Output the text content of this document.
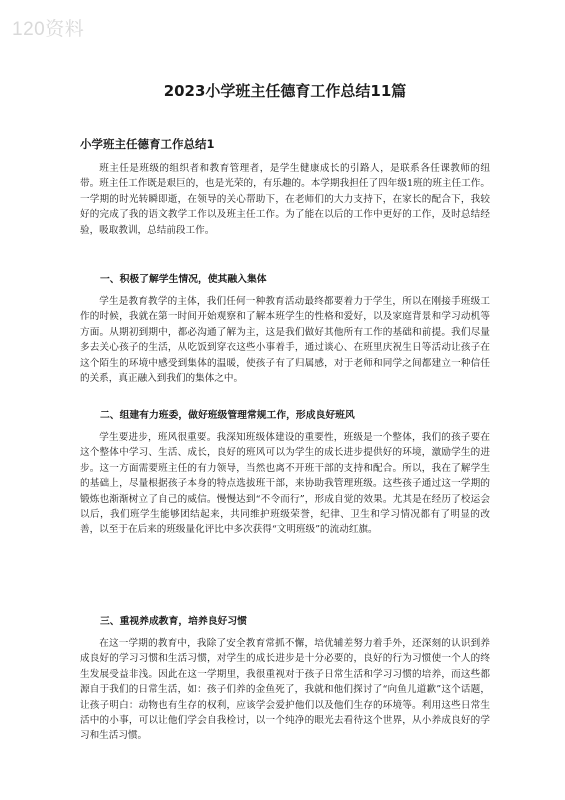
120资料
2023小学班主任德育工作总结11篇
小学班主任德育工作总结1

班主任是班级的组织者和教育管理者，是学生健康成长的引路人，是联系各任课教师的纽带。班主任工作既是艰巨的，也是光荣的，有乐趣的。本学期我担任了四年级1班的班主任工作。一学期的时光转瞬即逝，在领导的关心帮助下，在老师们的大力支持下，在家长的配合下，我较好的完成了我的语文教学工作以及班主任工作。为了能在以后的工作中更好的工作，及时总结经验，吸取教训，总结前段工作。

一、积极了解学生情况，使其融入集体

学生是教育教学的主体，我们任何一种教育活动最终都要着力于学生，所以在刚接手班级工作的时候，我就在第一时间开始观察和了解本班学生的性格和爱好，以及家庭背景和学习动机等方面。从期初到期中，都必沟通了解为主，这是我们做好其他所有工作的基础和前提。我们尽量多去关心孩子的生活，从吃饭到穿衣这些小事着手，通过谈心、在班里庆祝生日等活动让孩子在这个陌生的环境中感受到集体的温暖，使孩子有了归属感，对于老师和同学之间都建立一种信任的关系，真正融入到我们的集体之中。

二、组建有力班委，做好班级管理常规工作，形成良好班风

学生要进步，班风很重要。我深知班级体建设的重要性，班级是一个整体，我们的孩子要在这个整体中学习、生活、成长，良好的班风可以为学生的成长进步提供好的环境，激励学生的进步。这一方面需要班主任的有力领导，当然也离不开班干部的支持和配合。所以，我在了解学生的基础上，尽量根据孩子本身的特点选拔班干部，来协助我管理班级。这些孩子通过这一学期的锻炼也渐渐树立了自己的威信。慢慢达到“不令而行”，形成自觉的效果。尤其是在经历了校运会以后，我们班学生能够团结起来，共同维护班级荣誉，纪律、卫生和学习情况都有了明显的改善，以至于在后来的班级量化评比中多次获得“文明班级”的流动红旗。

三、重视养成教育，培养良好习惯

在这一学期的教育中，我除了安全教育常抓不懈，培优辅差努力着手外，还深刻的认识到养成良好的学习习惯和生活习惯，对学生的成长进步是十分必要的，良好的行为习惯使一个人的终生发展受益非浅。因此在这一学期里，我很重视对于孩子日常生活和学习习惯的培养，而这些都源自于我们的日常生活，如：孩子们养的金鱼死了，我就和他们探讨了“向鱼儿道歉”这个话题，让孩子明白：动物也有生存的权利，应该学会爱护他们以及他们生存的环境等。利用这些日常生活中的小事，可以让他们学会自我检讨，以一个纯净的眼光去看待这个世界，从小养成良好的学习和生活习惯。
